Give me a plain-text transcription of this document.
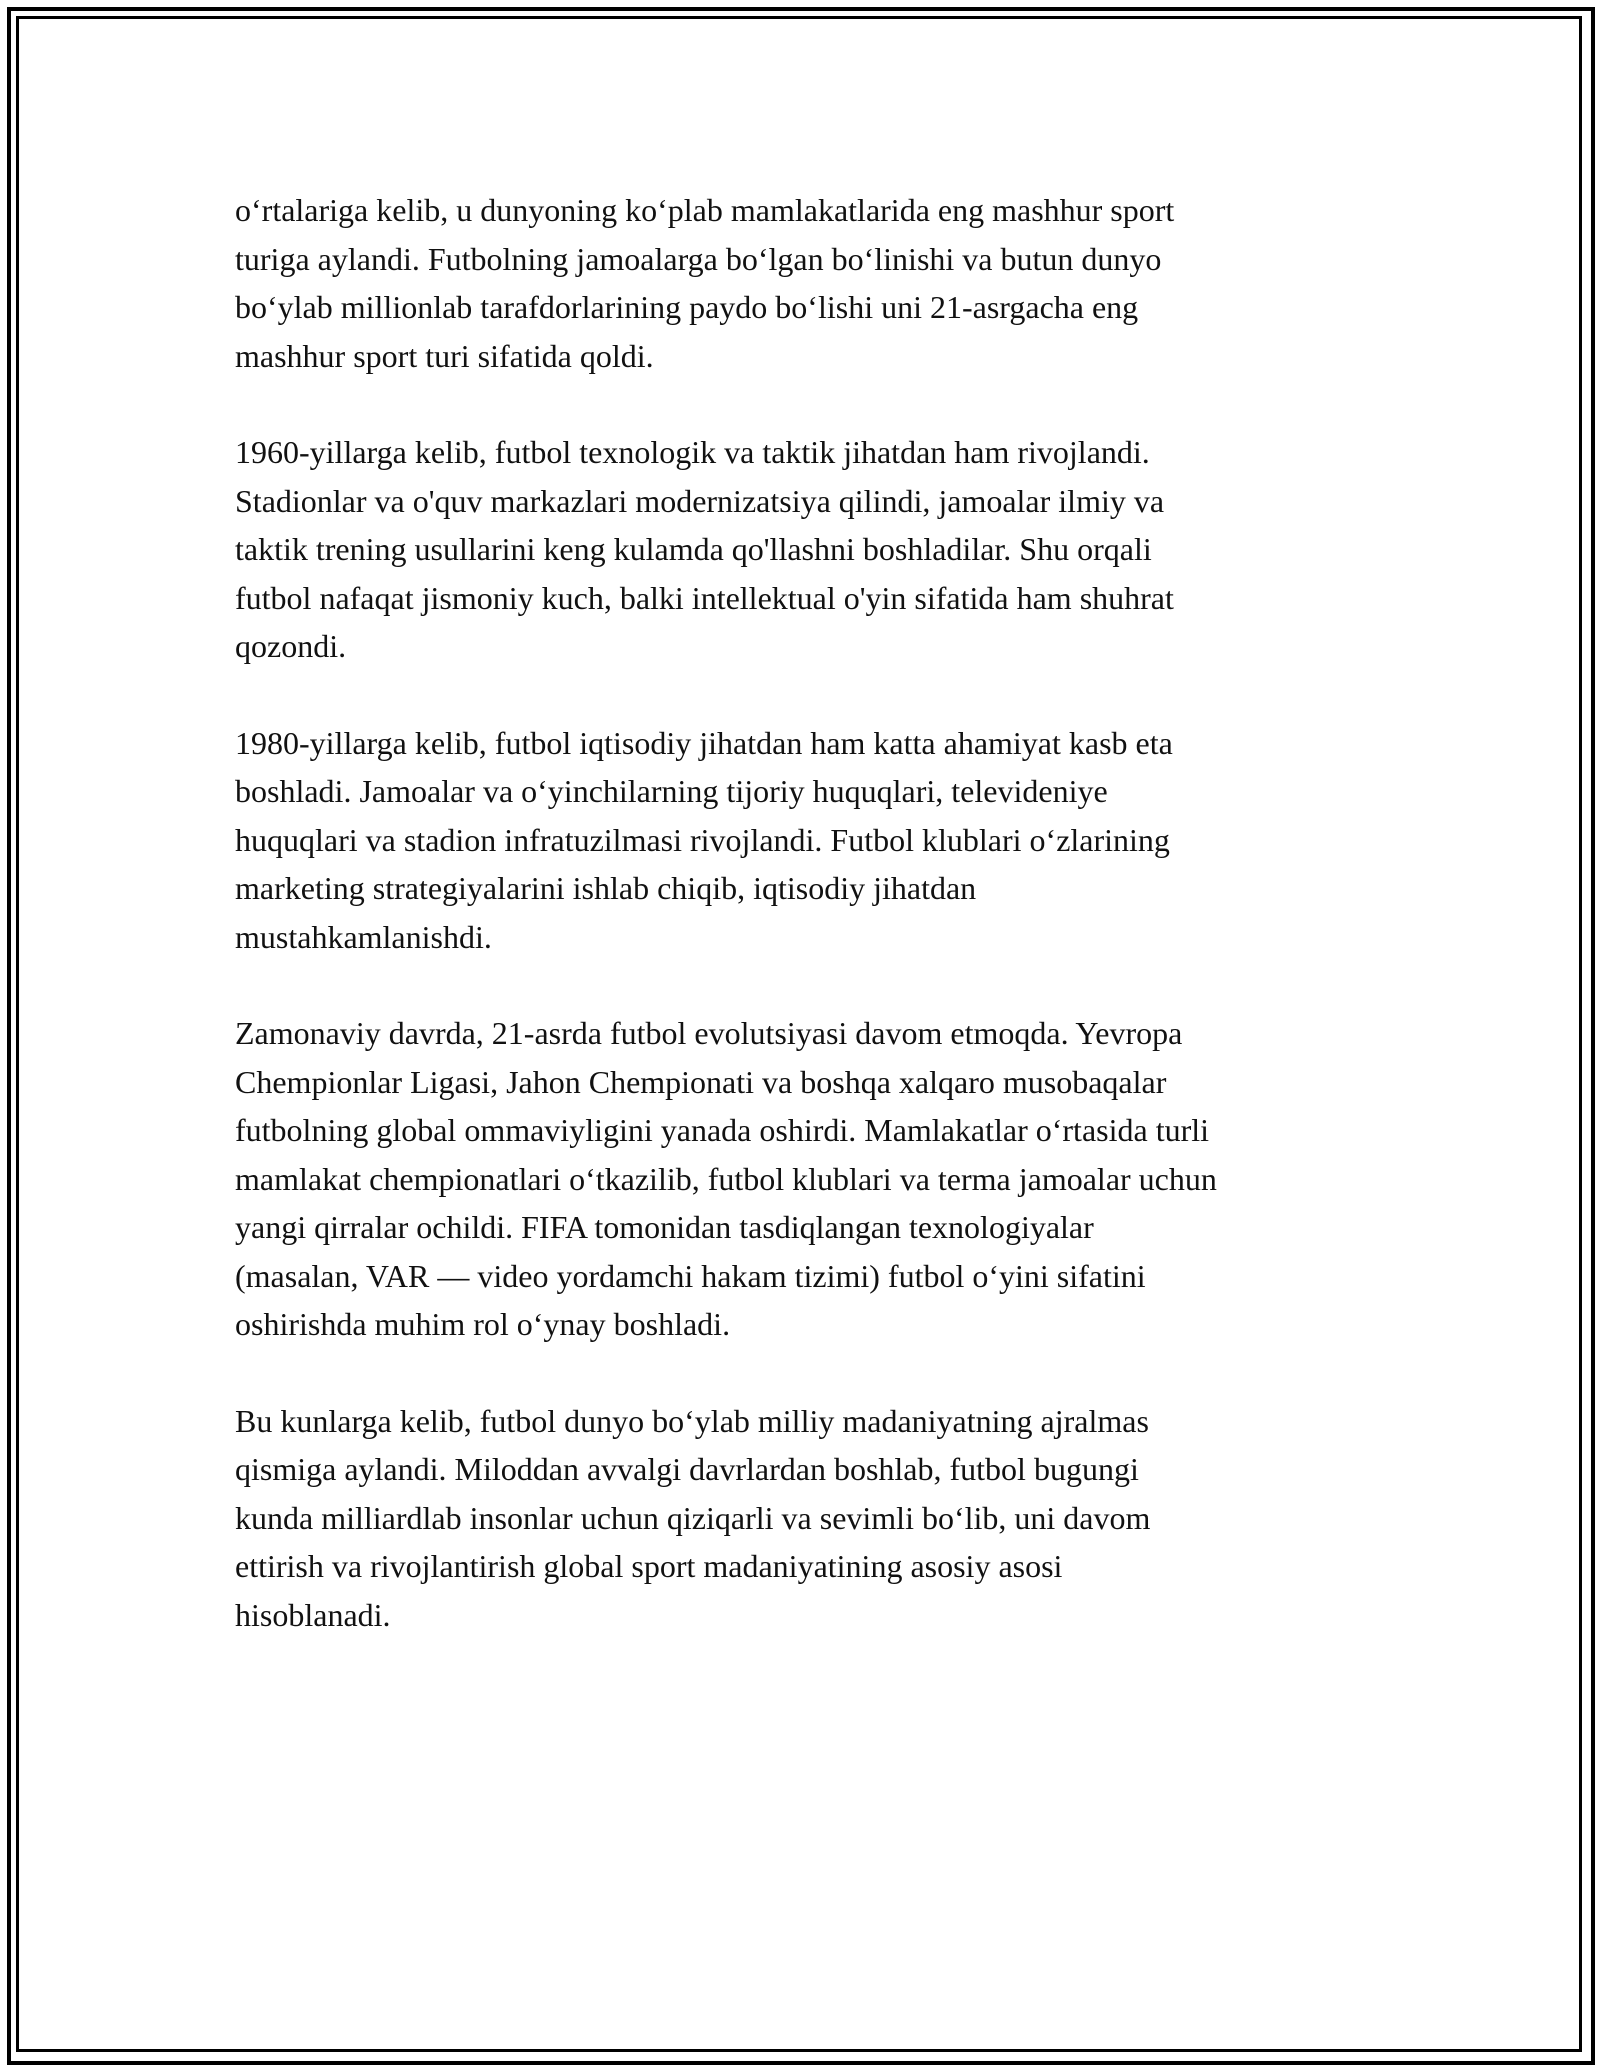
o‘rtalariga kelib, u dunyoning ko‘plab mamlakatlarida eng mashhur sport
turiga aylandi. Futbolning jamoalarga bo‘lgan bo‘linishi va butun dunyo
bo‘ylab millionlab tarafdorlarining paydo bo‘lishi uni 21-asrgacha eng
mashhur sport turi sifatida qoldi.

1960-yillarga kelib, futbol texnologik va taktik jihatdan ham rivojlandi.
Stadionlar va o'quv markazlari modernizatsiya qilindi, jamoalar ilmiy va
taktik trening usullarini keng kulamda qo'llashni boshladilar. Shu orqali
futbol nafaqat jismoniy kuch, balki intellektual o'yin sifatida ham shuhrat
qozondi.

1980-yillarga kelib, futbol iqtisodiy jihatdan ham katta ahamiyat kasb eta
boshladi. Jamoalar va o‘yinchilarning tijoriy huquqlari, televideniye
huquqlari va stadion infratuzilmasi rivojlandi. Futbol klublari o‘zlarining
marketing strategiyalarini ishlab chiqib, iqtisodiy jihatdan
mustahkamlanishdi.

Zamonaviy davrda, 21-asrda futbol evolutsiyasi davom etmoqda. Yevropa
Chempionlar Ligasi, Jahon Chempionati va boshqa xalqaro musobaqalar
futbolning global ommaviyligini yanada oshirdi. Mamlakatlar o‘rtasida turli
mamlakat chempionatlari o‘tkazilib, futbol klublari va terma jamoalar uchun
yangi qirralar ochildi. FIFA tomonidan tasdiqlangan texnologiyalar
(masalan, VAR — video yordamchi hakam tizimi) futbol o‘yini sifatini
oshirishda muhim rol o‘ynay boshladi.

Bu kunlarga kelib, futbol dunyo bo‘ylab milliy madaniyatning ajralmas
qismiga aylandi. Miloddan avvalgi davrlardan boshlab, futbol bugungi
kunda milliardlab insonlar uchun qiziqarli va sevimli bo‘lib, uni davom
ettirish va rivojlantirish global sport madaniyatining asosiy asosi
hisoblanadi.
